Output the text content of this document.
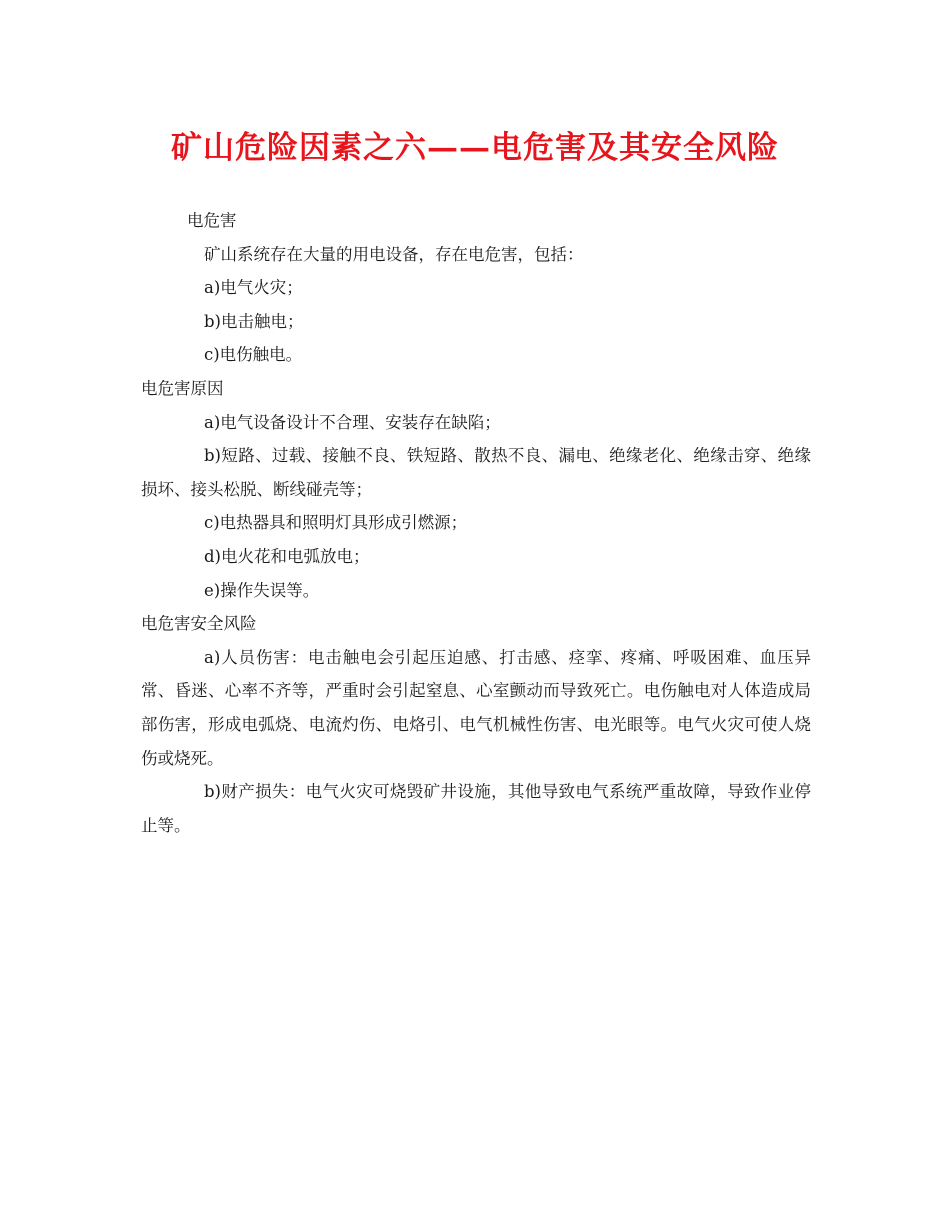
矿山危险因素之六——电危害及其安全风险

电危害

矿山系统存在大量的用电设备，存在电危害，包括：

a)电气火灾；

b)电击触电；

c)电伤触电。

电危害原因

a)电气设备设计不合理、安装存在缺陷；

b)短路、过载、接触不良、铁短路、散热不良、漏电、绝缘老化、绝缘击穿、绝缘损坏、接头松脱、断线碰壳等；

c)电热器具和照明灯具形成引燃源；

d)电火花和电弧放电；

e)操作失误等。

电危害安全风险

a)人员伤害：电击触电会引起压迫感、打击感、痉挛、疼痛、呼吸困难、血压异常、昏迷、心率不齐等，严重时会引起窒息、心室颤动而导致死亡。电伤触电对人体造成局部伤害，形成电弧烧、电流灼伤、电烙引、电气机械性伤害、电光眼等。电气火灾可使人烧伤或烧死。

b)财产损失：电气火灾可烧毁矿井设施，其他导致电气系统严重故障，导致作业停止等。
